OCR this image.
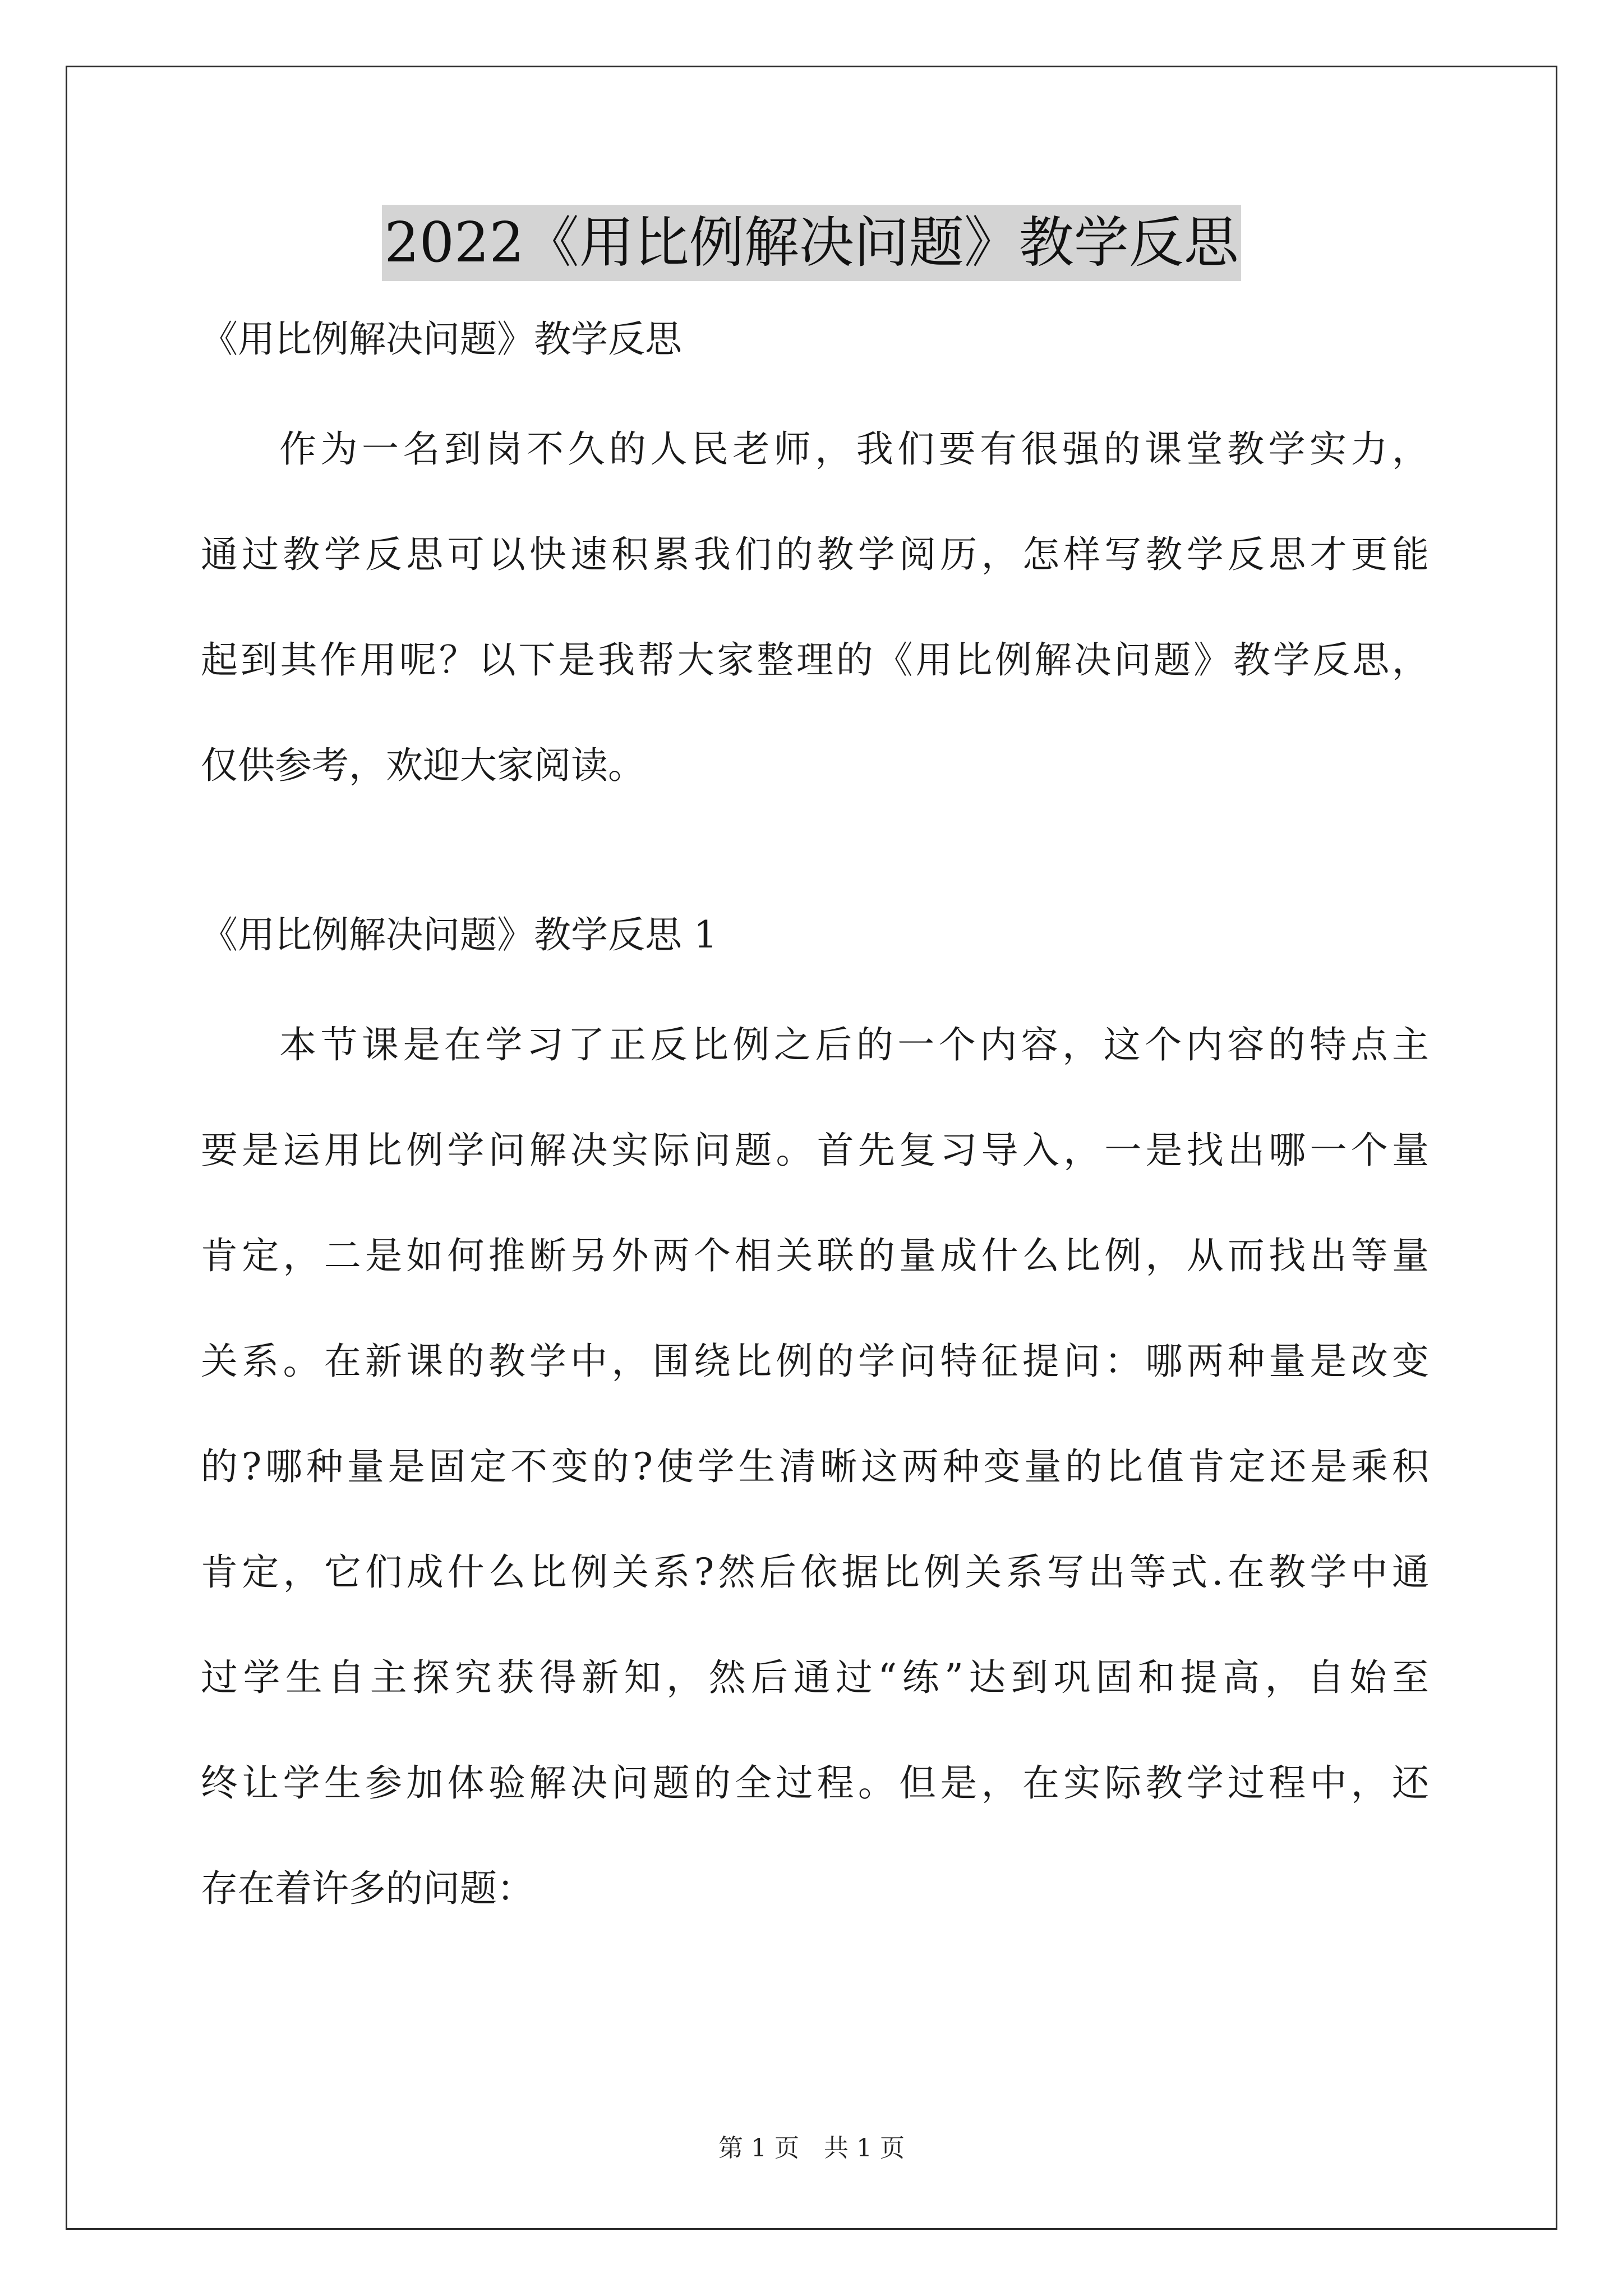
2022《用比例解决问题》教学反思

《用比例解决问题》教学反思

作为一名到岗不久的人民老师，我们要有很强的课堂教学实力，
通过教学反思可以快速积累我们的教学阅历，怎样写教学反思才更能
起到其作用呢？以下是我帮大家整理的《用比例解决问题》教学反思，
仅供参考，欢迎大家阅读。

《用比例解决问题》教学反思 1

本节课是在学习了正反比例之后的一个内容，这个内容的特点主
要是运用比例学问解决实际问题。首先复习导入，一是找出哪一个量
肯定，二是如何推断另外两个相关联的量成什么比例，从而找出等量
关系。在新课的教学中，围绕比例的学问特征提问：哪两种量是改变
的?哪种量是固定不变的?使学生清晰这两种变量的比值肯定还是乘积
肯定，它们成什么比例关系?然后依据比例关系写出等式.在教学中通
过学生自主探究获得新知，然后通过“练”达到巩固和提高，自始至
终让学生参加体验解决问题的全过程。但是，在实际教学过程中，还
存在着许多的问题：
第 1 页　共 1 页
